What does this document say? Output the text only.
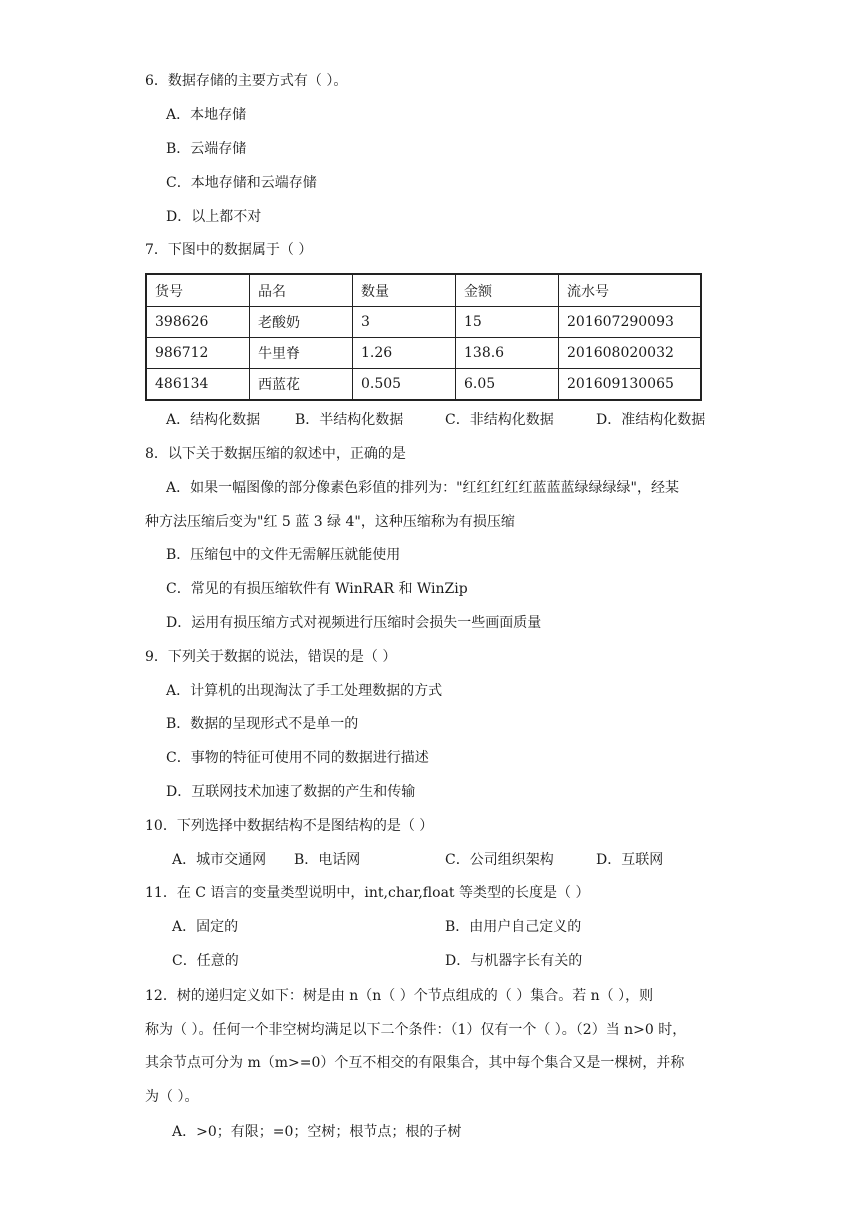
6．数据存储的主要方式有（ ）。
A．本地存储
B．云端存储
C．本地存储和云端存储
D．以上都不对
7．下图中的数据属于（ ）
货号	品名	数量	金额	流水号
398626	老酸奶	3	15	201607290093
986712	牛里脊	1.26	138.6	201608020032
486134	西蓝花	0.505	6.05	201609130065
A．结构化数据 B．半结构化数据	C．非结构化数据	D．准结构化数据
8．以下关于数据压缩的叙述中，正确的是
A．如果一幅图像的部分像素色彩值的排列为："红红红红红蓝蓝蓝绿绿绿绿"，经某
种方法压缩后变为"红 5 蓝 3 绿 4"，这种压缩称为有损压缩
B．压缩包中的文件无需解压就能使用
C．常见的有损压缩软件有 WinRAR 和 WinZip
D．运用有损压缩方式对视频进行压缩时会损失一些画面质量
9．下列关于数据的说法，错误的是（ ）
A．计算机的出现淘汰了手工处理数据的方式
B．数据的呈现形式不是单一的
C．事物的特征可使用不同的数据进行描述
D．互联网技术加速了数据的产生和传输
10．下列选择中数据结构不是图结构的是（ ）
A．城市交通网 B．电话网	C．公司组织架构	D．互联网
11．在 C 语言的变量类型说明中，int,char,float 等类型的长度是（ ）
A．固定的	B．由用户自己定义的
C．任意的	D．与机器字长有关的
12．树的递归定义如下：树是由 n（n（ ）个节点组成的（ ）集合。若 n（ ），则
称为（ ）。任何一个非空树均满足以下二个条件：（1）仅有一个（ ）。（2）当 n>0 时，
其余节点可分为 m（m>=0）个互不相交的有限集合，其中每个集合又是一棵树，并称
为（ ）。
A．>0；有限；=0；空树；根节点；根的子树
